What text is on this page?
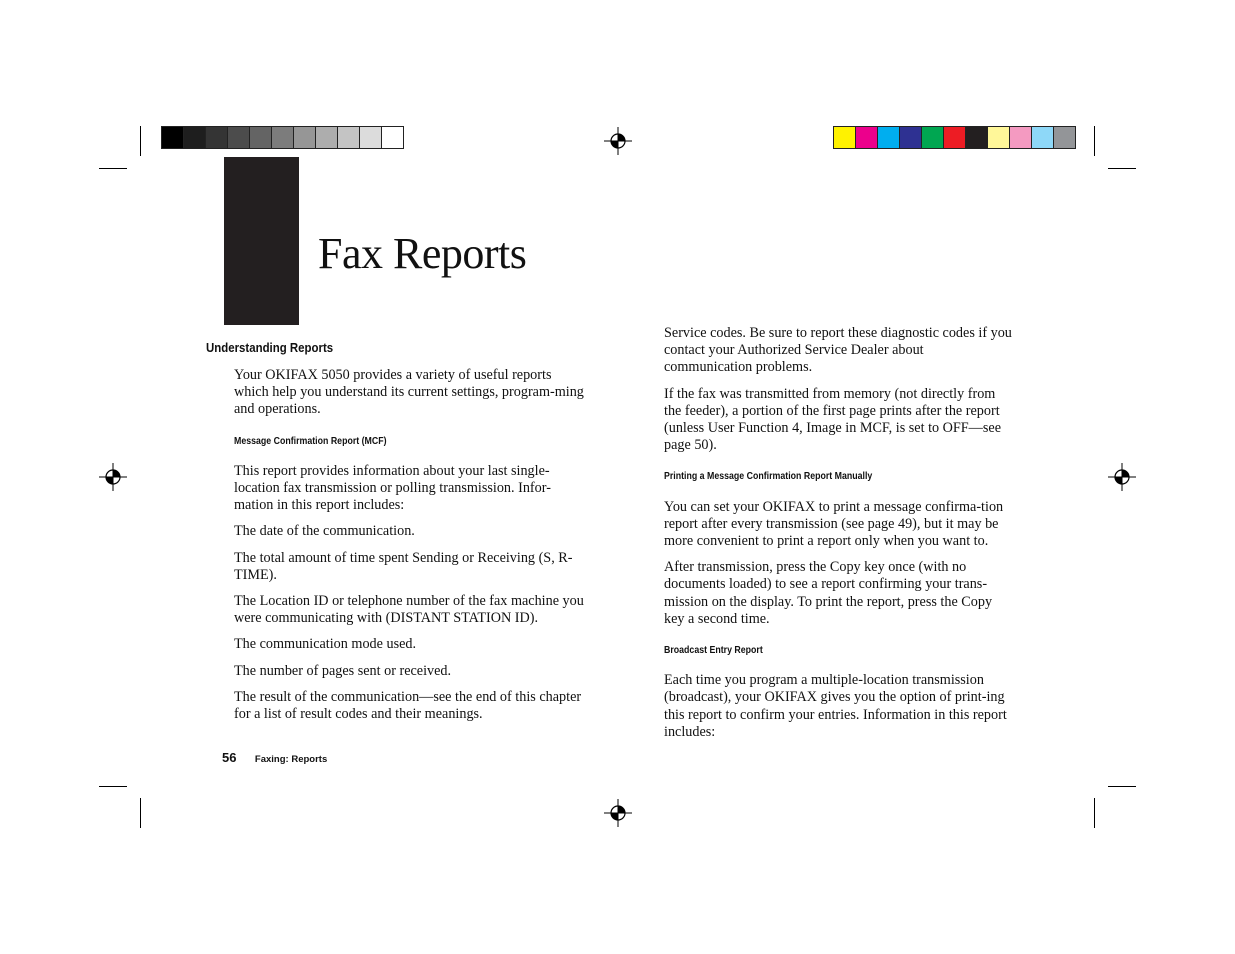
Fax Reports
Understanding Reports

Your OKIFAX 5050 provides a variety of useful reports which help you understand its current settings, program-ming and operations.

Message Confirmation Report (MCF)

This report provides information about your last single-location fax transmission or polling transmission. Infor-mation in this report includes:

The date of the communication.

The total amount of time spent Sending or Receiving (S, R-TIME).

The Location ID or telephone number of the fax machine you were communicating with (DISTANT STATION ID).

The communication mode used.

The number of pages sent or received.

The result of the communication—see the end of this chapter for a list of result codes and their meanings.

Service codes. Be sure to report these diagnostic codes if you contact your Authorized Service Dealer about communication problems.

If the fax was transmitted from memory (not directly from the feeder), a portion of the first page prints after the report (unless User Function 4, Image in MCF, is set to OFF—see page 50).

Printing a Message Confirmation Report Manually

You can set your OKIFAX to print a message confirma-tion report after every transmission (see page 49), but it may be more convenient to print a report only when you want to.

After transmission, press the Copy key once (with no documents loaded) to see a report confirming your trans-mission on the display. To print the report, press the Copy key a second time.

Broadcast Entry Report

Each time you program a multiple-location transmission (broadcast), your OKIFAX gives you the option of print-ing this report to confirm your entries. Information in this report includes:

56 Faxing: Reports
